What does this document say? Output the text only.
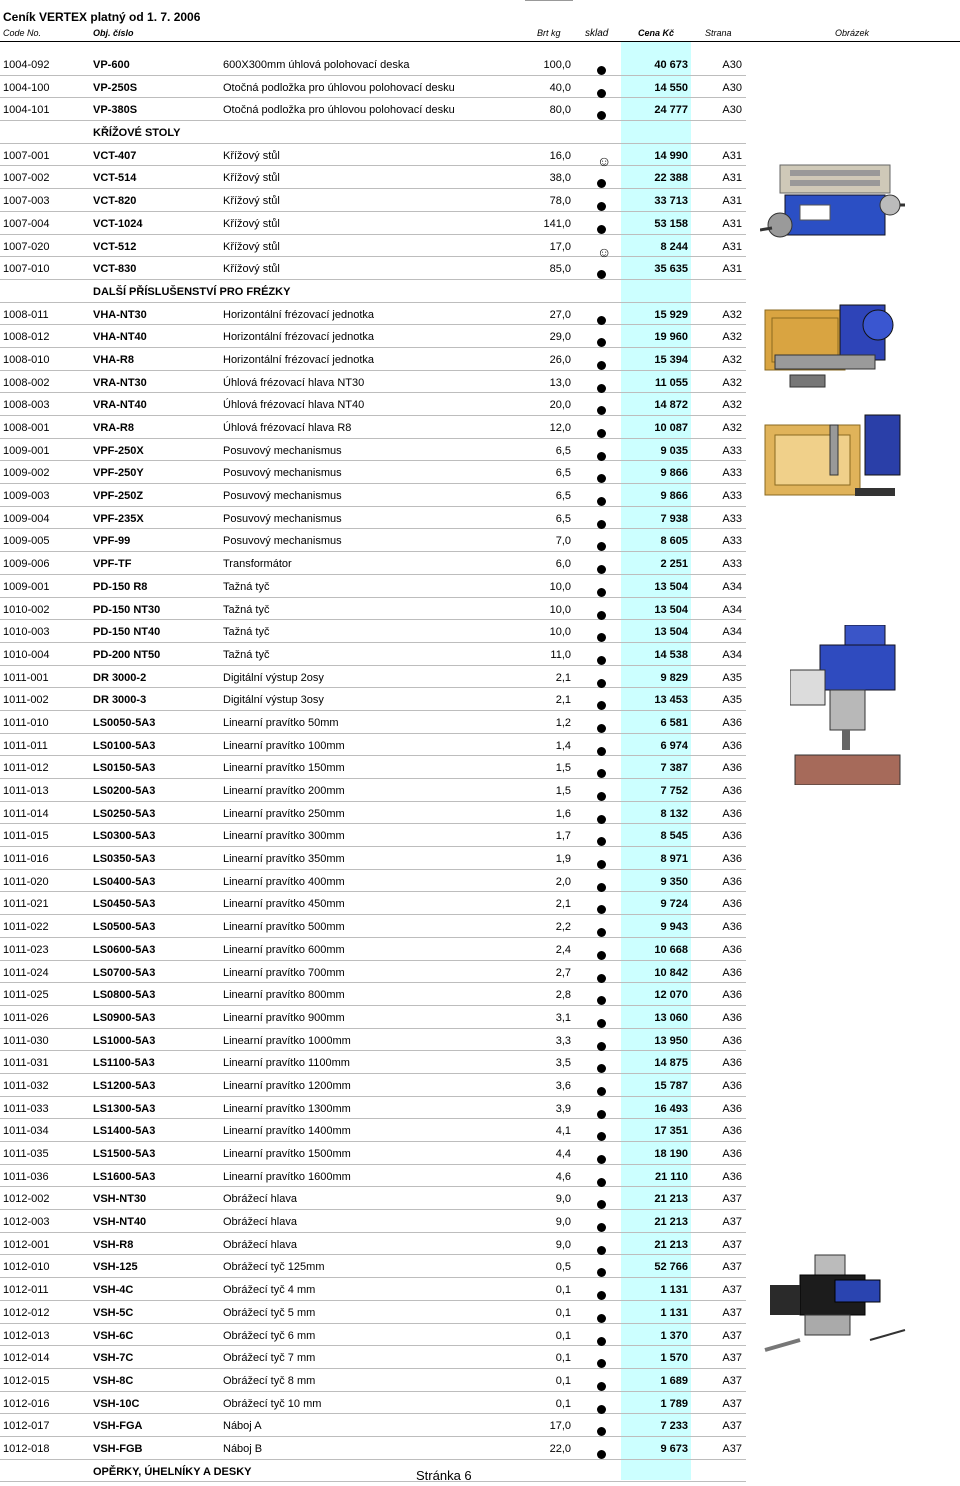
Ceník VERTEX platný od 1. 7. 2006
Code No.	Obj. číslo	Brt kg sklad	Cena Kč	Strana	Obrázek
1004-092	VP-600	600X300mm úhlová polohovací deska	100,0	40 673	A30
1004-100	VP-250S	Otočná podložka pro úhlovou polohovací desku	40,0	14 550	A30
1004-101	VP-380S	Otočná podložka pro úhlovou polohovací desku	80,0	24 777	A30
KŘÍŽOVÉ STOLY
1007-001	VCT-407	Křížový stůl	16,0	14 990	A31
☺
1007-002	VCT-514	Křížový stůl	38,0	22 388	A31
1007-003	VCT-820	Křížový stůl	78,0	33 713	A31
1007-004	VCT-1024	Křížový stůl	141,0	53 158	A31
1007-020	VCT-512	Křížový stůl	17,0	8 244	A31
☺
1007-010	VCT-830	Křížový stůl	85,0	35 635	A31
DALŠÍ PŘÍSLUŠENSTVÍ PRO FRÉZKY
1008-011	VHA-NT30	Horizontální frézovací jednotka	27,0	15 929	A32
1008-012	VHA-NT40	Horizontální frézovací jednotka	29,0	19 960	A32
1008-010	VHA-R8	Horizontální frézovací jednotka	26,0	15 394	A32
1008-002	VRA-NT30	Úhlová frézovací hlava NT30	13,0	11 055	A32
1008-003	VRA-NT40	Úhlová frézovací hlava NT40	20,0	14 872	A32
1008-001	VRA-R8	Úhlová frézovací hlava R8	12,0	10 087	A32
1009-001	VPF-250X	Posuvový mechanismus	6,5	9 035	A33
1009-002	VPF-250Y	Posuvový mechanismus	6,5	9 866	A33
1009-003	VPF-250Z	Posuvový mechanismus	6,5	9 866	A33
1009-004	VPF-235X	Posuvový mechanismus	6,5	7 938	A33
1009-005	VPF-99	Posuvový mechanismus	7,0	8 605	A33
1009-006	VPF-TF	Transformátor	6,0	2 251	A33
1009-001	PD-150 R8	Tažná tyč	10,0	13 504	A34
1010-002	PD-150 NT30	Tažná tyč	10,0	13 504	A34
1010-003	PD-150 NT40	Tažná tyč	10,0	13 504	A34
1010-004	PD-200 NT50	Tažná tyč	11,0	14 538	A34
1011-001	DR 3000-2	Digitální výstup 2osy	2,1	9 829	A35
1011-002	DR 3000-3	Digitální výstup 3osy	2,1	13 453	A35
1011-010	LS0050-5A3	Linearní pravítko 50mm	1,2	6 581	A36
1011-011	LS0100-5A3	Linearní pravítko 100mm	1,4	6 974	A36
1011-012	LS0150-5A3	Linearní pravítko 150mm	1,5	7 387	A36
1011-013	LS0200-5A3	Linearní pravítko 200mm	1,5	7 752	A36
1011-014	LS0250-5A3	Linearní pravítko 250mm	1,6	8 132	A36
1011-015	LS0300-5A3	Linearní pravítko 300mm	1,7	8 545	A36
1011-016	LS0350-5A3	Linearní pravítko 350mm	1,9	8 971	A36
1011-020	LS0400-5A3	Linearní pravítko 400mm	2,0	9 350	A36
1011-021	LS0450-5A3	Linearní pravítko 450mm	2,1	9 724	A36
1011-022	LS0500-5A3	Linearní pravítko 500mm	2,2	9 943	A36
1011-023	LS0600-5A3	Linearní pravítko 600mm	2,4	10 668	A36
1011-024	LS0700-5A3	Linearní pravítko 700mm	2,7	10 842	A36
1011-025	LS0800-5A3	Linearní pravítko 800mm	2,8	12 070	A36
1011-026	LS0900-5A3	Linearní pravítko 900mm	3,1	13 060	A36
1011-030	LS1000-5A3	Linearní pravítko 1000mm	3,3	13 950	A36
1011-031	LS1100-5A3	Linearní pravítko 1100mm	3,5	14 875	A36
1011-032	LS1200-5A3	Linearní pravítko 1200mm	3,6	15 787	A36
1011-033	LS1300-5A3	Linearní pravítko 1300mm	3,9	16 493	A36
1011-034	LS1400-5A3	Linearní pravítko 1400mm	4,1	17 351	A36
1011-035	LS1500-5A3	Linearní pravítko 1500mm	4,4	18 190	A36
1011-036	LS1600-5A3	Linearní pravítko 1600mm	4,6	21 110	A36
1012-002	VSH-NT30	Obrážecí hlava	9,0	21 213	A37
1012-003	VSH-NT40	Obrážecí hlava	9,0	21 213	A37
1012-001	VSH-R8	Obrážecí hlava	9,0	21 213	A37
1012-010	VSH-125	Obrážecí tyč 125mm	0,5	52 766	A37
1012-011	VSH-4C	Obrážecí tyč 4 mm	0,1	1 131	A37
1012-012	VSH-5C	Obrážecí tyč 5 mm	0,1	1 131	A37
1012-013	VSH-6C	Obrážecí tyč 6 mm	0,1	1 370	A37
1012-014	VSH-7C	Obrážecí tyč 7 mm	0,1	1 570	A37
1012-015	VSH-8C	Obrážecí tyč 8 mm	0,1	1 689	A37
1012-016	VSH-10C	Obrážecí tyč 10 mm	0,1	1 789	A37
1012-017	VSH-FGA	Náboj A	17,0	7 233	A37
1012-018	VSH-FGB	Náboj B	22,0	9 673	A37
OPĚRKY, ÚHELNÍKY A DESKY	Stránka 6
